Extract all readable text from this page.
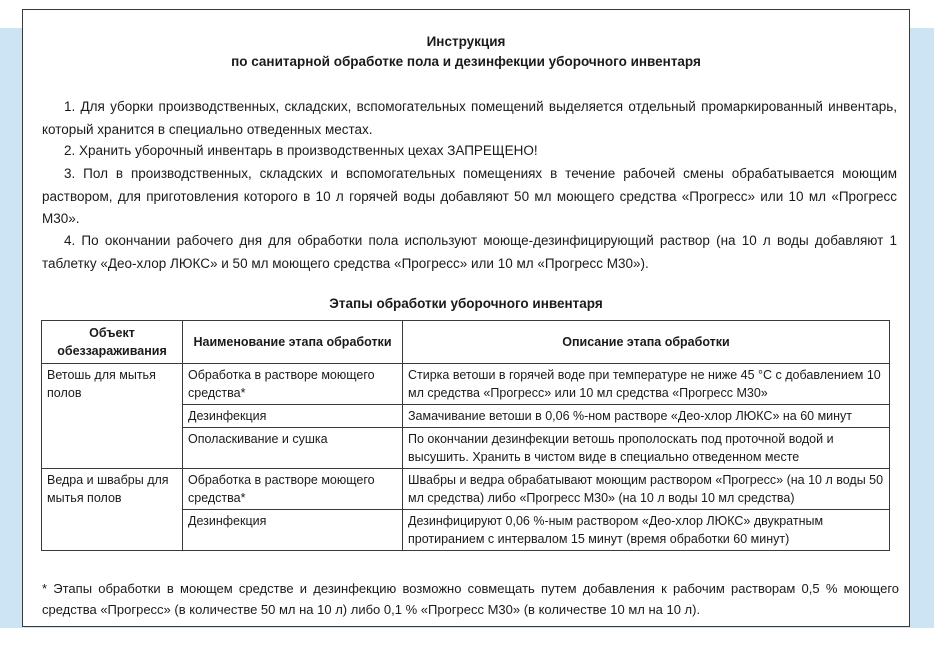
Инструкция
по санитарной обработке пола и дезинфекции уборочного инвентаря
1. Для уборки производственных, складских, вспомогательных помещений выделяется отдельный промаркированный инвентарь, который хранится в специально отведенных местах.
2. Хранить уборочный инвентарь в производственных цехах ЗАПРЕЩЕНО!
3. Пол в производственных, складских и вспомогательных помещениях в течение рабочей смены обрабатывается моющим раствором, для приготовления которого в 10 л горячей воды добавляют 50 мл моющего средства «Прогресс» или 10 мл «Прогресс М30».
4. По окончании рабочего дня для обработки пола используют моюще-дезинфицирующий раствор (на 10 л воды добавляют 1 таблетку «Део-хлор ЛЮКС» и 50 мл моющего средства «Прогресс» или 10 мл «Прогресс М30»).
Этапы обработки уборочного инвентаря
Объект обеззараживания	Наименование этапа обработки	Описание этапа обработки
Ветошь для мытья полов	Обработка в растворе моющего средства*	Стирка ветоши в горячей воде при температуре не ниже 45 °С с добавлением 10 мл средства «Прогресс» или 10 мл средства «Прогресс М30»
	Дезинфекция	Замачивание ветоши в 0,06 %-ном растворе «Део-хлор ЛЮКС» на 60 минут
	Ополаскивание и сушка	По окончании дезинфекции ветошь прополоскать под проточной водой и высушить. Хранить в чистом виде в специально отведенном месте
Ведра и швабры для мытья полов	Обработка в растворе моющего средства*	Швабры и ведра обрабатывают моющим раствором «Прогресс» (на 10 л воды 50 мл средства) либо «Прогресс М30» (на 10 л воды 10 мл средства)
	Дезинфекция	Дезинфицируют 0,06 %-ным раствором «Део-хлор ЛЮКС» двукратным протиранием с интервалом 15 минут (время обработки 60 минут)
* Этапы обработки в моющем средстве и дезинфекцию возможно совмещать путем добавления к рабочим растворам 0,5 % моющего средства «Прогресс» (в количестве 50 мл на 10 л) либо 0,1 % «Прогресс М30» (в количестве 10 мл на 10 л).
